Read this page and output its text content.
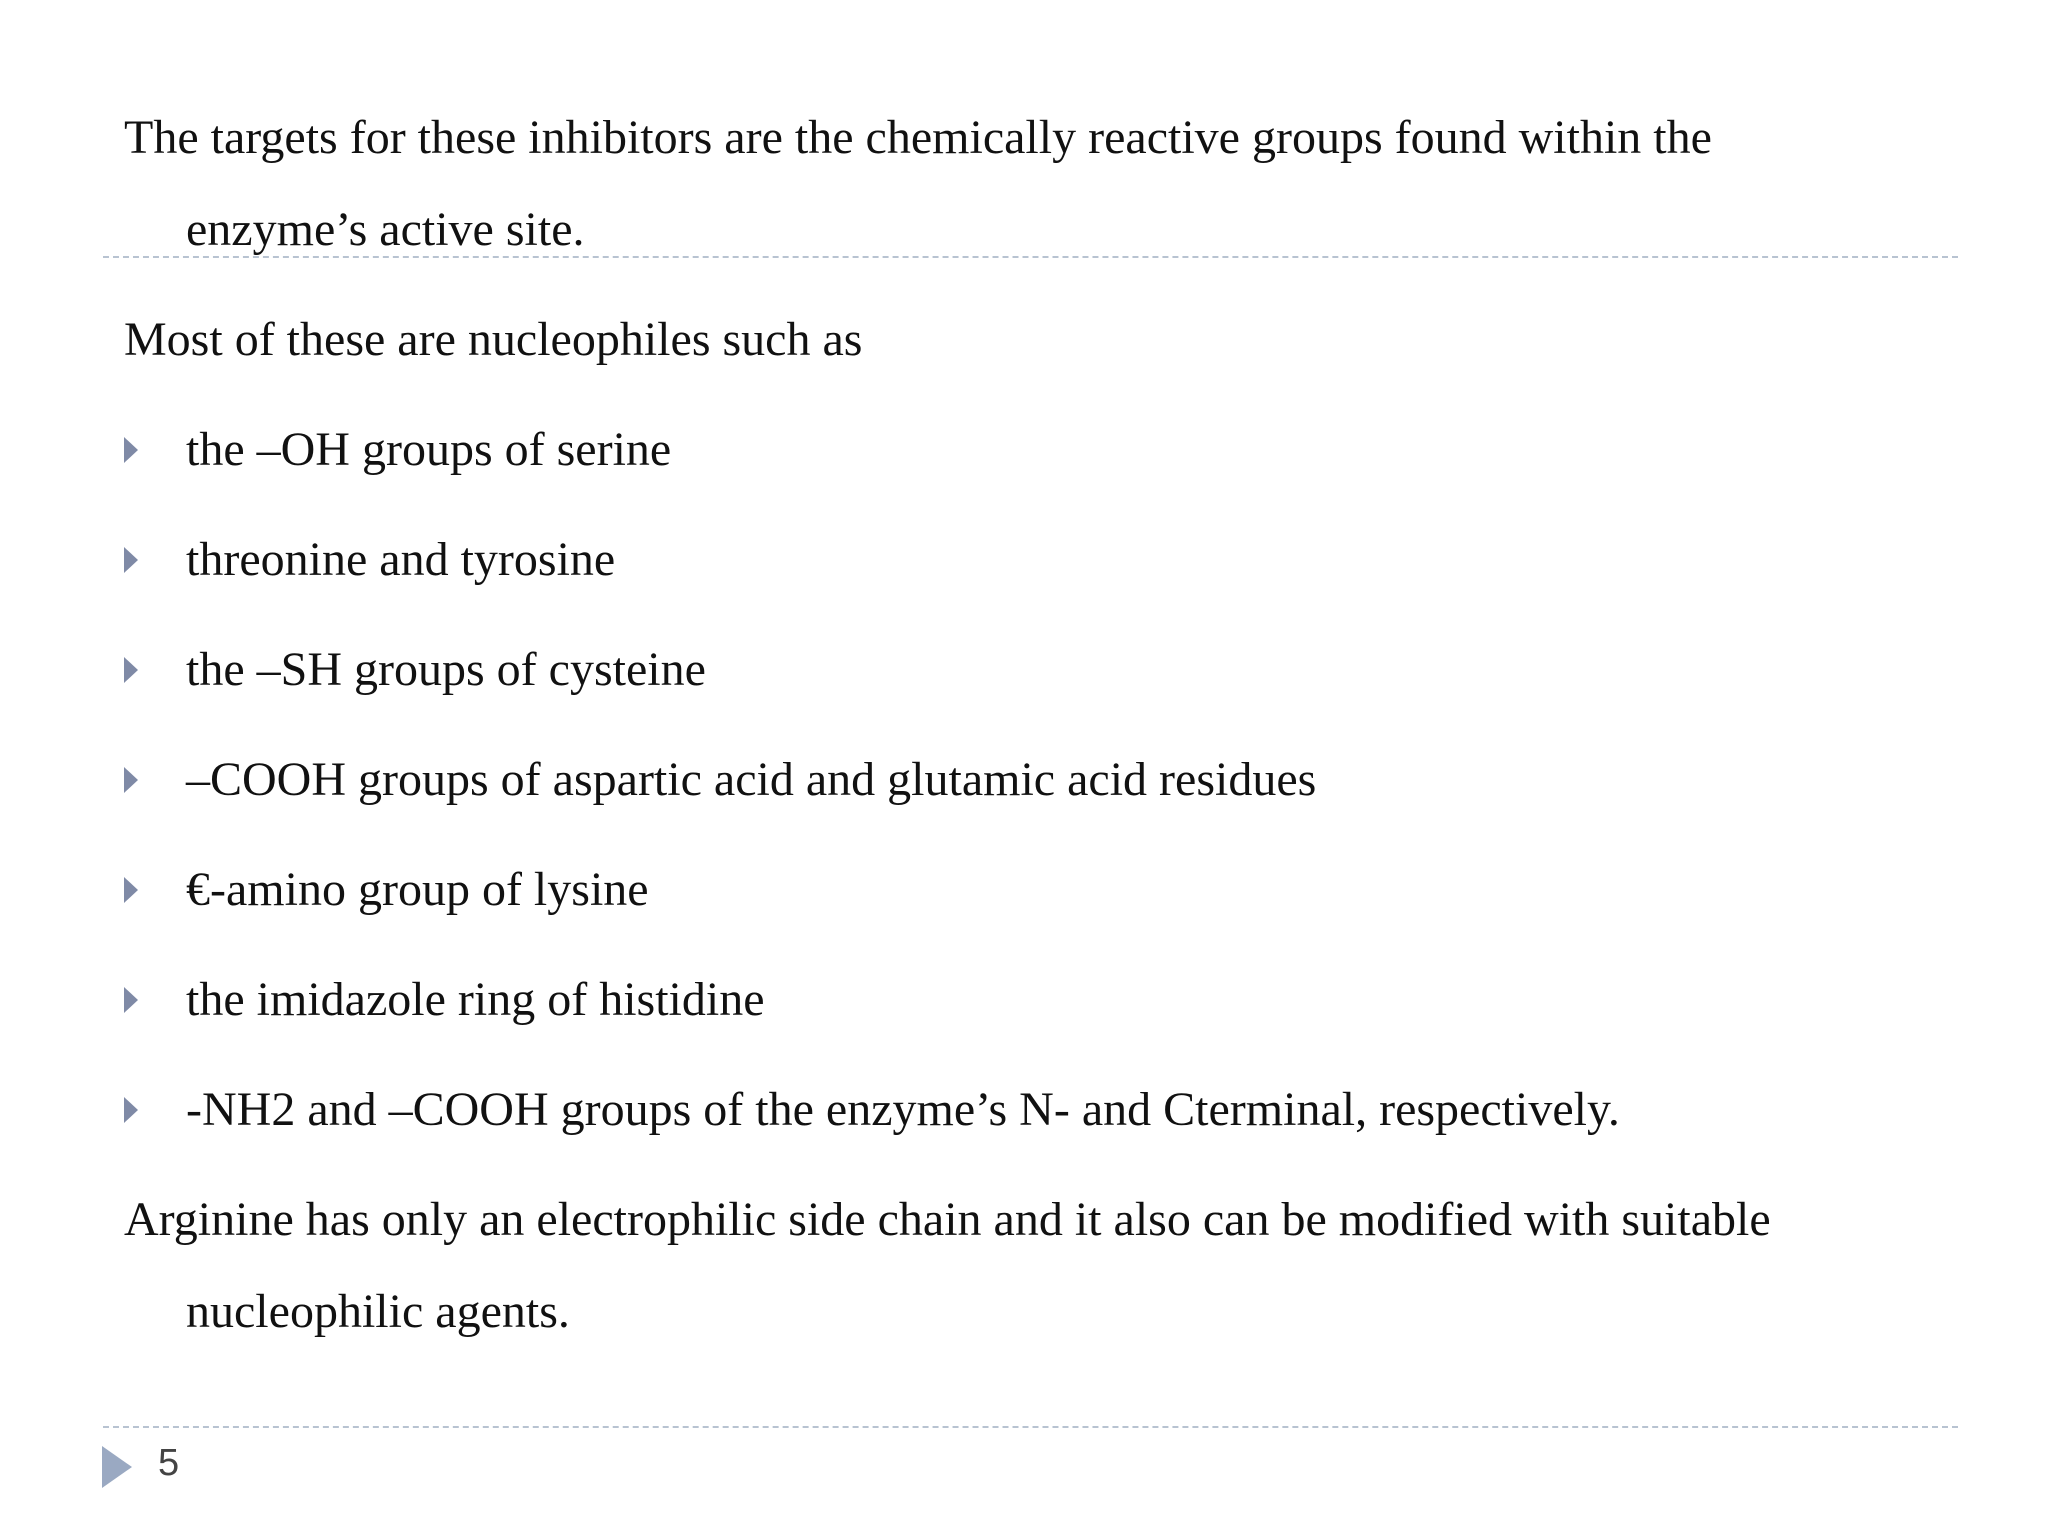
The targets for these inhibitors are the chemically reactive groups found within the

enzyme’s active site.

Most of these are nucleophiles such as

the –OH groups of serine
threonine and tyrosine
the –SH groups of cysteine
–COOH groups of aspartic acid and glutamic acid residues
€-amino group of lysine
the imidazole ring of histidine
-NH2 and –COOH groups of the enzyme’s N- and Cterminal, respectively.

Arginine has only an electrophilic side chain and it also can be modified with suitable

nucleophilic agents.

5
